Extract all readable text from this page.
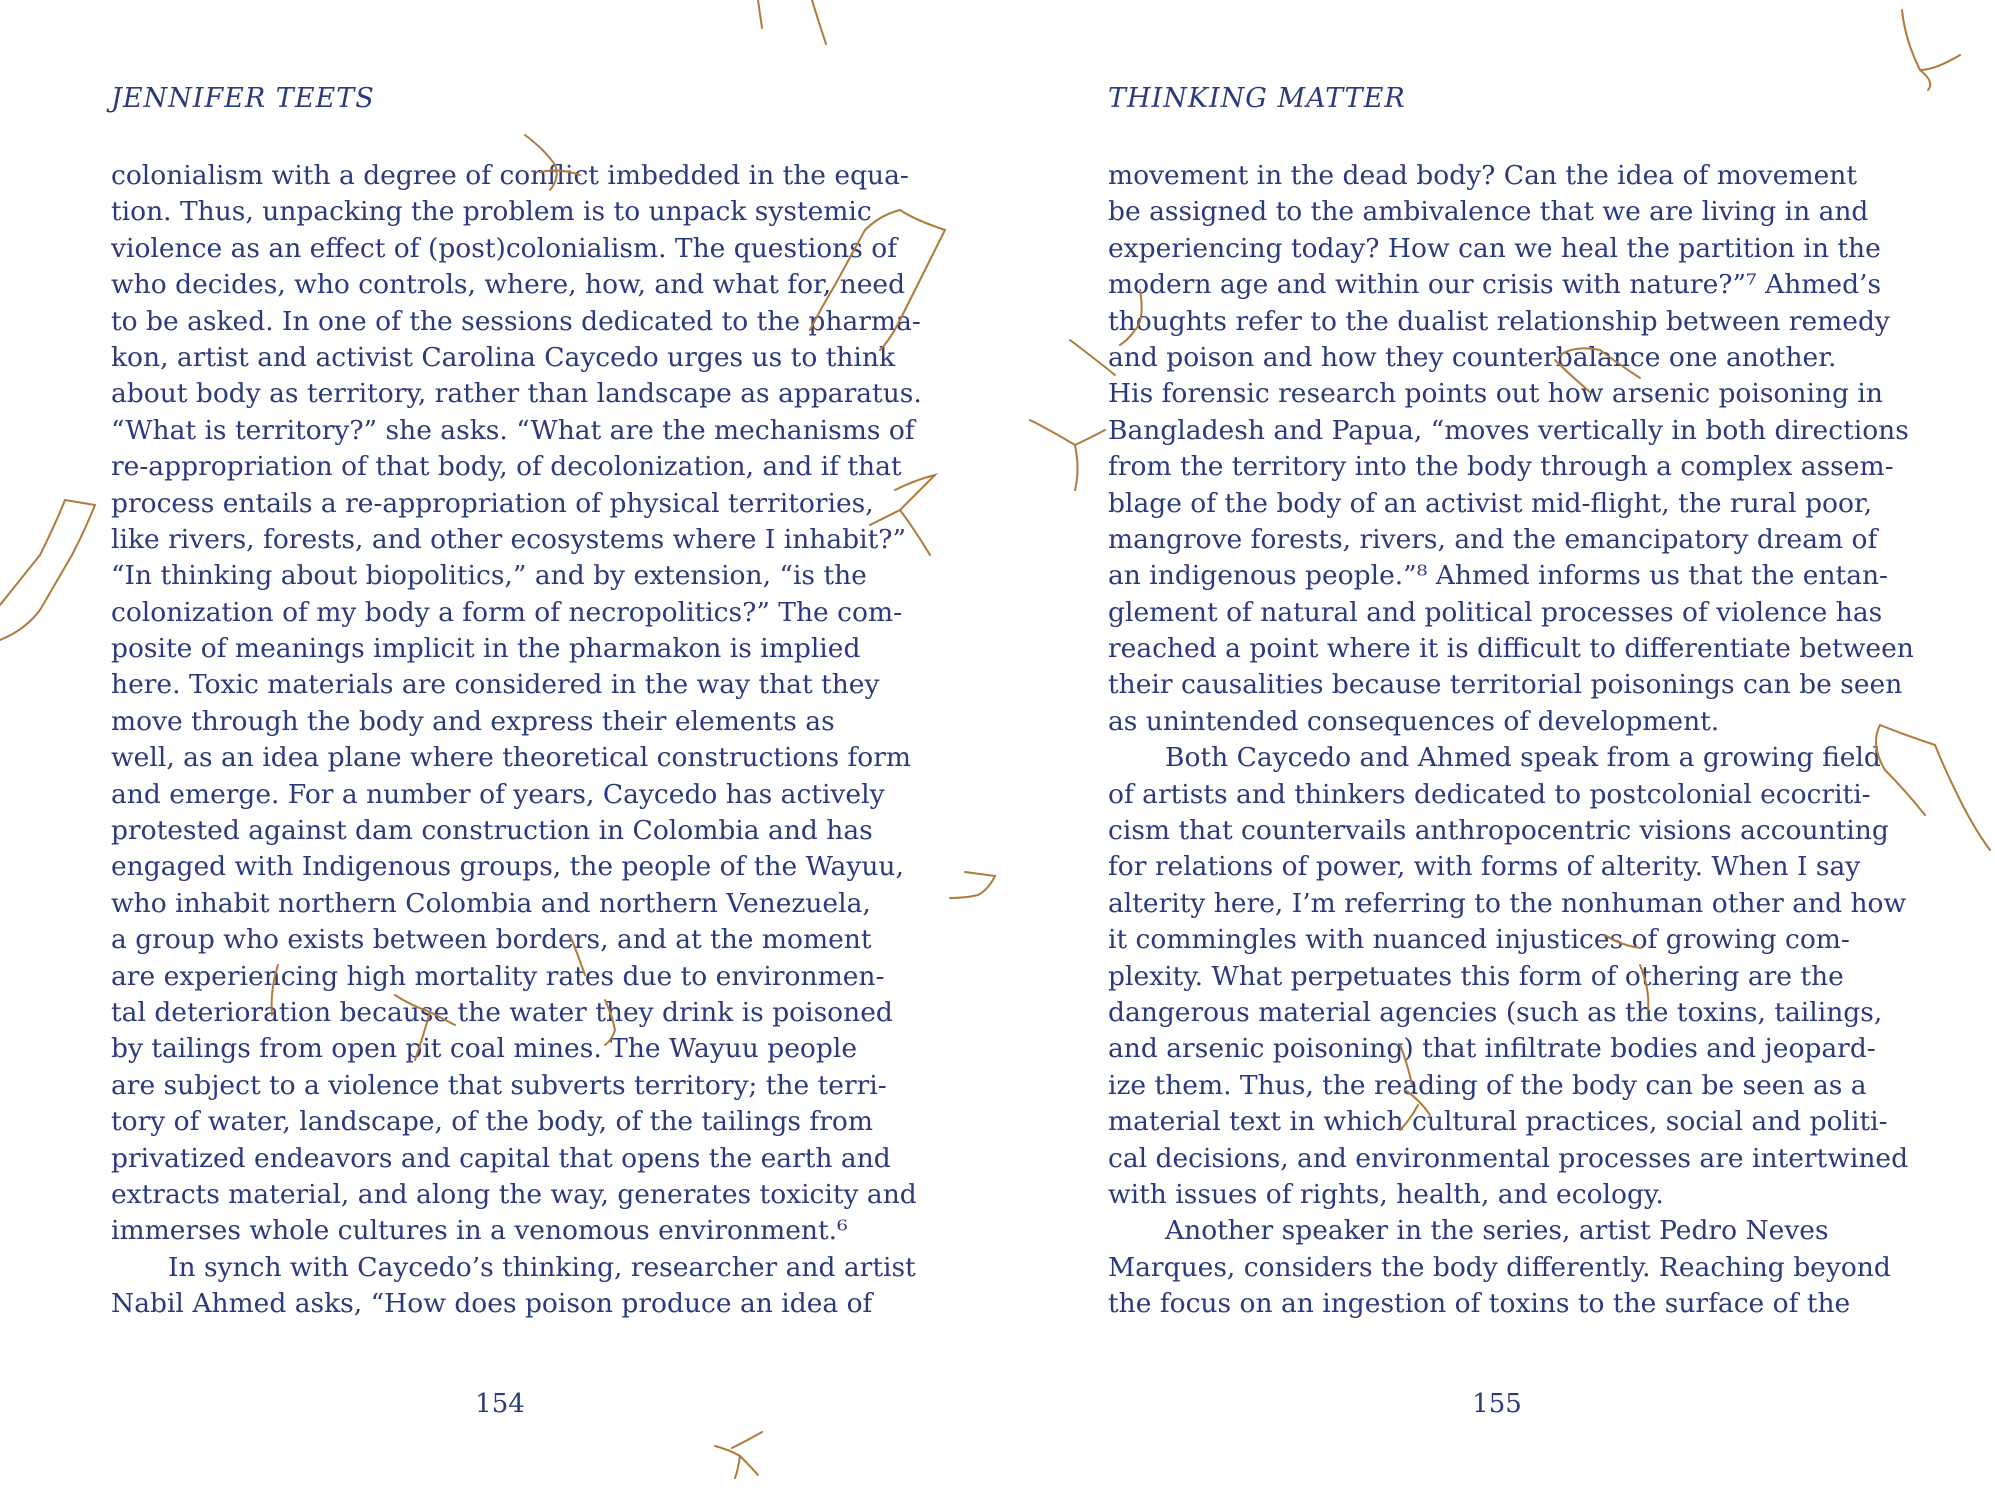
JENNIFER TEETS
colonialism with a degree of conflict imbedded in the equa-
tion. Thus, unpacking the problem is to unpack systemic
violence as an effect of (post)colonialism. The questions of
who decides, who controls, where, how, and what for, need
to be asked. In one of the sessions dedicated to the pharma-
kon, artist and activist Carolina Caycedo urges us to think
about body as territory, rather than landscape as apparatus.
“What is territory?” she asks. “What are the mechanisms of
re-appropriation of that body, of decolonization, and if that
process entails a re-appropriation of physical territories,
like rivers, forests, and other ecosystems where I inhabit?”
“In thinking about biopolitics,” and by extension, “is the
colonization of my body a form of necropolitics?” The com-
posite of meanings implicit in the pharmakon is implied
here. Toxic materials are considered in the way that they
move through the body and express their elements as
well, as an idea plane where theoretical constructions form
and emerge. For a number of years, Caycedo has actively
protested against dam construction in Colombia and has
engaged with Indigenous groups, the people of the Wayuu,
who inhabit northern Colombia and northern Venezuela,
a group who exists between borders, and at the moment
are experiencing high mortality rates due to environmen-
tal deterioration because the water they drink is poisoned
by tailings from open pit coal mines. The Wayuu people
are subject to a violence that subverts territory; the terri-
tory of water, landscape, of the body, of the tailings from
privatized endeavors and capital that opens the earth and
extracts material, and along the way, generates toxicity and
immerses whole cultures in a venomous environment.⁶
In synch with Caycedo’s thinking, researcher and artist
Nabil Ahmed asks, “How does poison produce an idea of
154
THINKING MATTER
movement in the dead body? Can the idea of movement
be assigned to the ambivalence that we are living in and
experiencing today? How can we heal the partition in the
modern age and within our crisis with nature?”⁷ Ahmed’s
thoughts refer to the dualist relationship between remedy
and poison and how they counterbalance one another.
His forensic research points out how arsenic poisoning in
Bangladesh and Papua, “moves vertically in both directions
from the territory into the body through a complex assem-
blage of the body of an activist mid-flight, the rural poor,
mangrove forests, rivers, and the emancipatory dream of
an indigenous people.”⁸ Ahmed informs us that the entan-
glement of natural and political processes of violence has
reached a point where it is difficult to differentiate between
their causalities because territorial poisonings can be seen
as unintended consequences of development.
Both Caycedo and Ahmed speak from a growing field
of artists and thinkers dedicated to postcolonial ecocriti-
cism that countervails anthropocentric visions accounting
for relations of power, with forms of alterity. When I say
alterity here, I’m referring to the nonhuman other and how
it commingles with nuanced injustices of growing com-
plexity. What perpetuates this form of othering are the
dangerous material agencies (such as the toxins, tailings,
and arsenic poisoning) that infiltrate bodies and jeopard-
ize them. Thus, the reading of the body can be seen as a
material text in which cultural practices, social and politi-
cal decisions, and environmental processes are intertwined
with issues of rights, health, and ecology.
Another speaker in the series, artist Pedro Neves
Marques, considers the body differently. Reaching beyond
the focus on an ingestion of toxins to the surface of the
155
